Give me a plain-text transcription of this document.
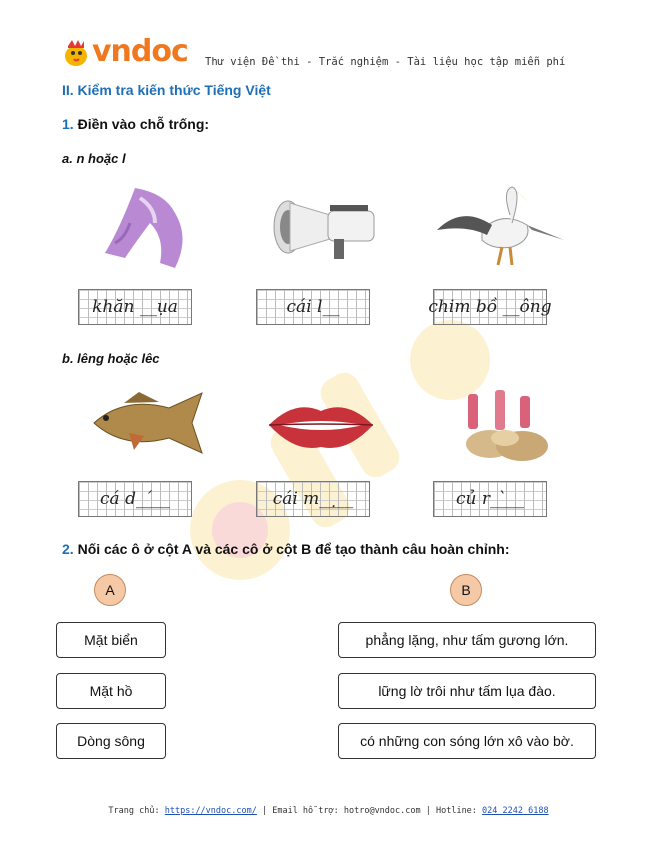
vndoc Thư viện Đề thi - Trắc nghiệm - Tài liệu học tập miễn phí
II. Kiểm tra kiến thức Tiếng Việt
1. Điền vào chỗ trống:
a. n hoặc l
khăn __ụa	cái l__	chim bồ __ông
b. lêng hoặc lêc
cá d__́__	cái m__̣__	củ r__̀__
2. Nối các ô ở cột A và các cô ở cột B để tạo thành câu hoàn chỉnh:
A	B
Mặt biển
Mặt hồ
Dòng sông
phẳng lặng, như tấm gương lớn.
lững lờ trôi như tấm lụa đào.
có những con sóng lớn xô vào bờ.
Trang chủ: https://vndoc.com/ | Email hỗ trợ: hotro@vndoc.com | Hotline: 024 2242 6188
